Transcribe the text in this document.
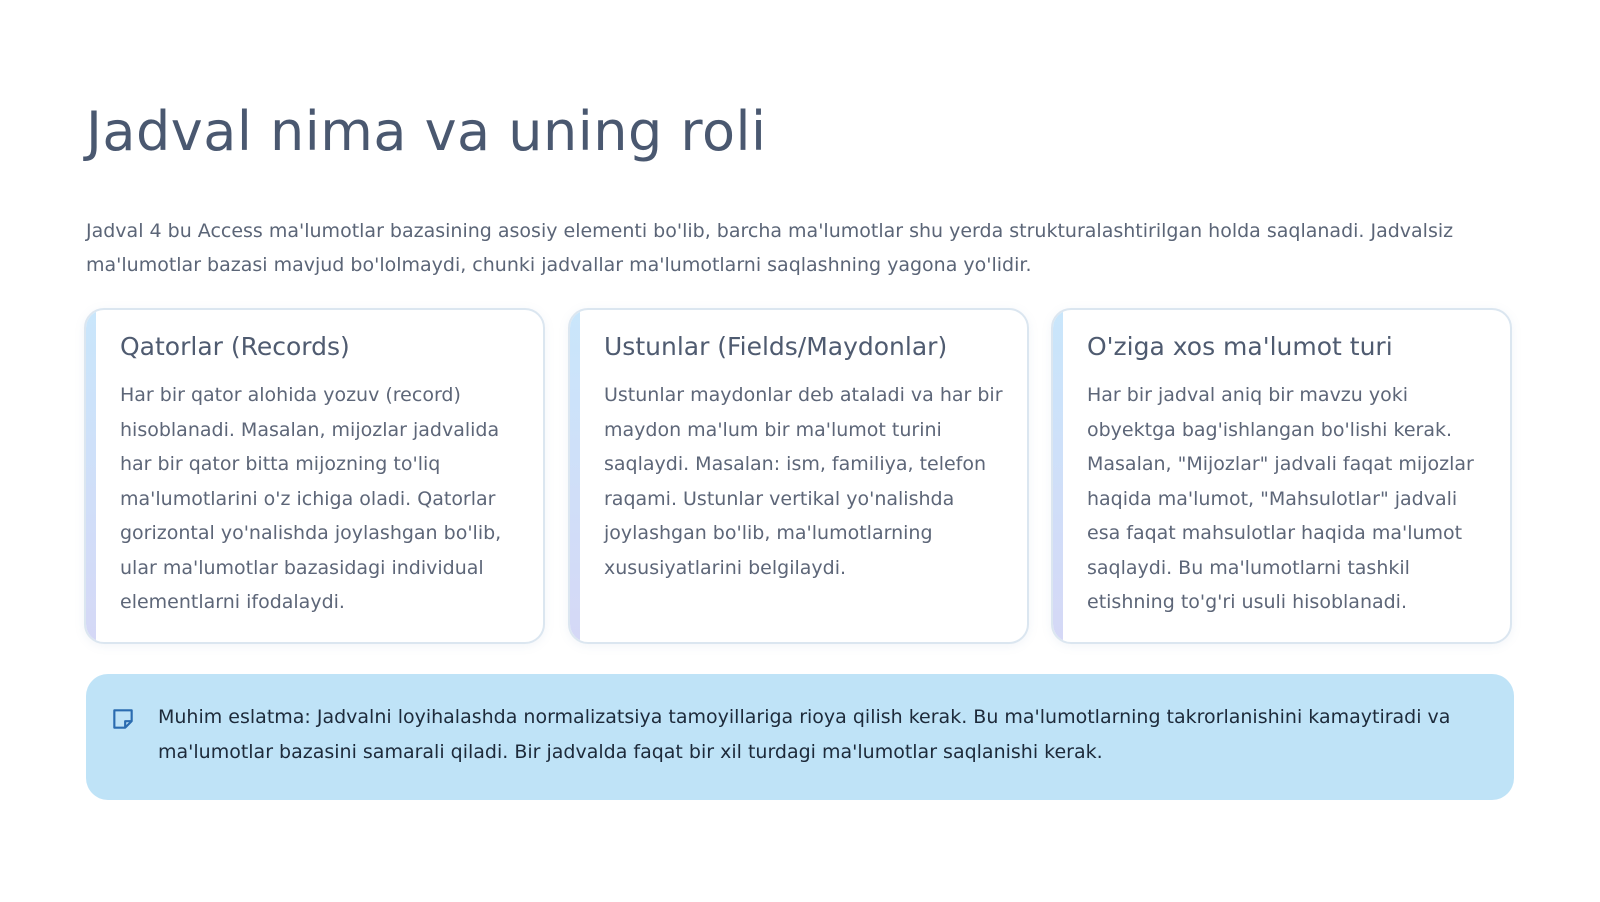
Jadval nima va uning roli

Jadval 4 bu Access ma'lumotlar bazasining asosiy elementi bo'lib, barcha ma'lumotlar shu yerda strukturalashtirilgan holda saqlanadi. Jadvalsiz ma'lumotlar bazasi mavjud bo'lolmaydi, chunki jadvallar ma'lumotlarni saqlashning yagona yo'lidir.

Qatorlar (Records)

Har bir qator alohida yozuv (record) hisoblanadi. Masalan, mijozlar jadvalida har bir qator bitta mijozning to'liq ma'lumotlarini o'z ichiga oladi. Qatorlar gorizontal yo'nalishda joylashgan bo'lib, ular ma'lumotlar bazasidagi individual elementlarni ifodalaydi.

Ustunlar (Fields/Maydonlar)

Ustunlar maydonlar deb ataladi va har bir maydon ma'lum bir ma'lumot turini saqlaydi. Masalan: ism, familiya, telefon raqami. Ustunlar vertikal yo'nalishda joylashgan bo'lib, ma'lumotlarning xususiyatlarini belgilaydi.

O'ziga xos ma'lumot turi

Har bir jadval aniq bir mavzu yoki obyektga bag'ishlangan bo'lishi kerak. Masalan, "Mijozlar" jadvali faqat mijozlar haqida ma'lumot, "Mahsulotlar" jadvali esa faqat mahsulotlar haqida ma'lumot saqlaydi. Bu ma'lumotlarni tashkil etishning to'g'ri usuli hisoblanadi.

Muhim eslatma: Jadvalni loyihalashda normalizatsiya tamoyillariga rioya qilish kerak. Bu ma'lumotlarning takrorlanishini kamaytiradi va ma'lumotlar bazasini samarali qiladi. Bir jadvalda faqat bir xil turdagi ma'lumotlar saqlanishi kerak.
